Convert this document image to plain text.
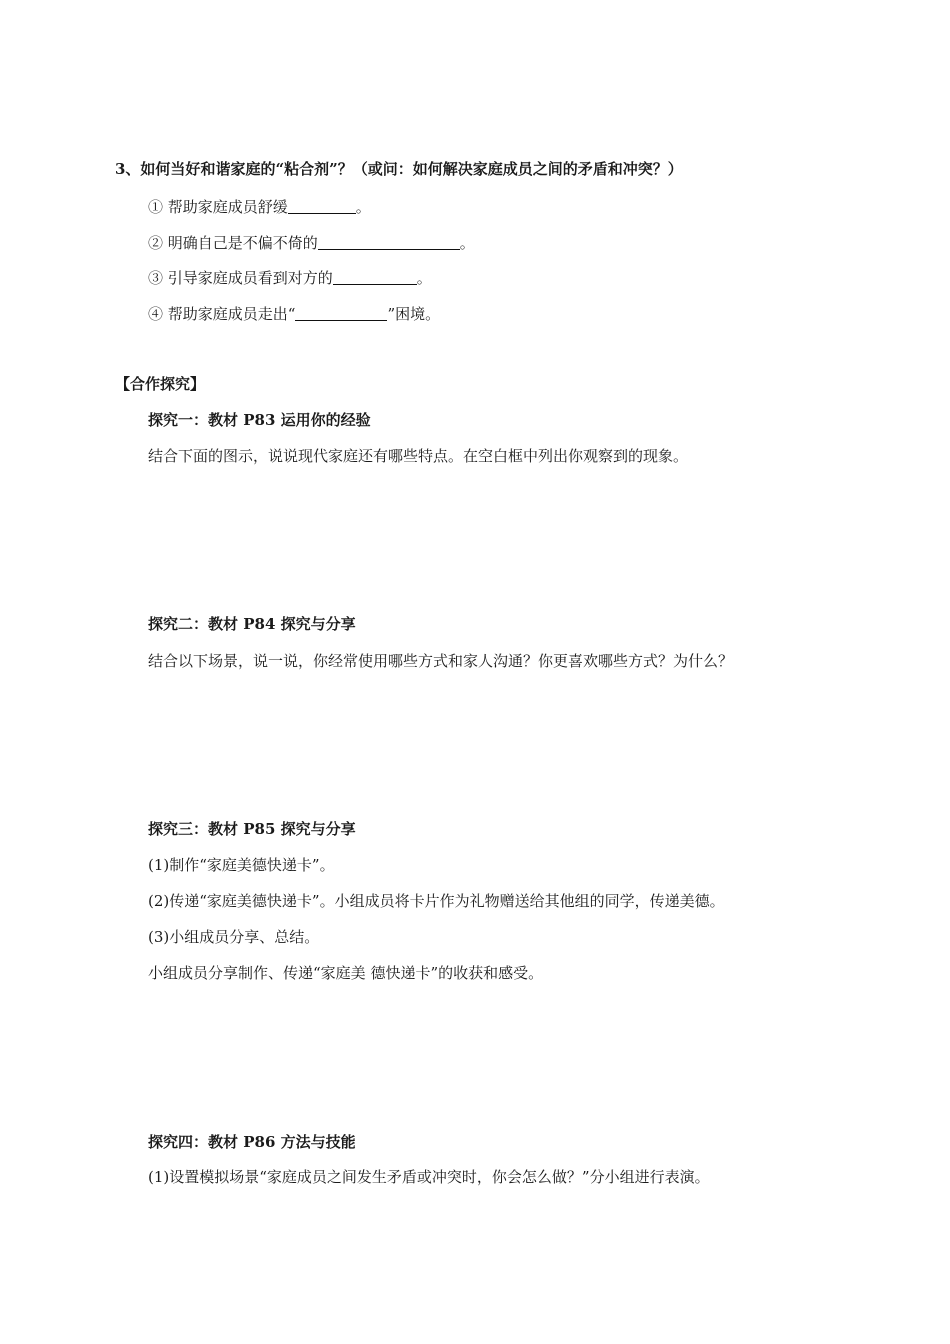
3、如何当好和谐家庭的“粘合剂”？（或问：如何解决家庭成员之间的矛盾和冲突？）
① 帮助家庭成员舒缓	。
② 明确自己是不偏不倚的	。
③ 引导家庭成员看到对方的	。
④ 帮助家庭成员走出“	”困境。
【合作探究】
探究一：教材 P83 运用你的经验
结合下面的图示，说说现代家庭还有哪些特点。在空白框中列出你观察到的现象。
探究二：教材 P84 探究与分享
结合以下场景，说一说，你经常使用哪些方式和家人沟通？你更喜欢哪些方式？为什么？
探究三：教材 P85 探究与分享
(1)制作“家庭美德快递卡”。
(2)传递“家庭美德快递卡”。小组成员将卡片作为礼物赠送给其他组的同学，传递美德。
(3)小组成员分享、总结。
小组成员分享制作、传递“家庭美 德快递卡”的收获和感受。
探究四：教材 P86 方法与技能
(1)设置模拟场景“家庭成员之间发生矛盾或冲突时，你会怎么做？”分小组进行表演。
